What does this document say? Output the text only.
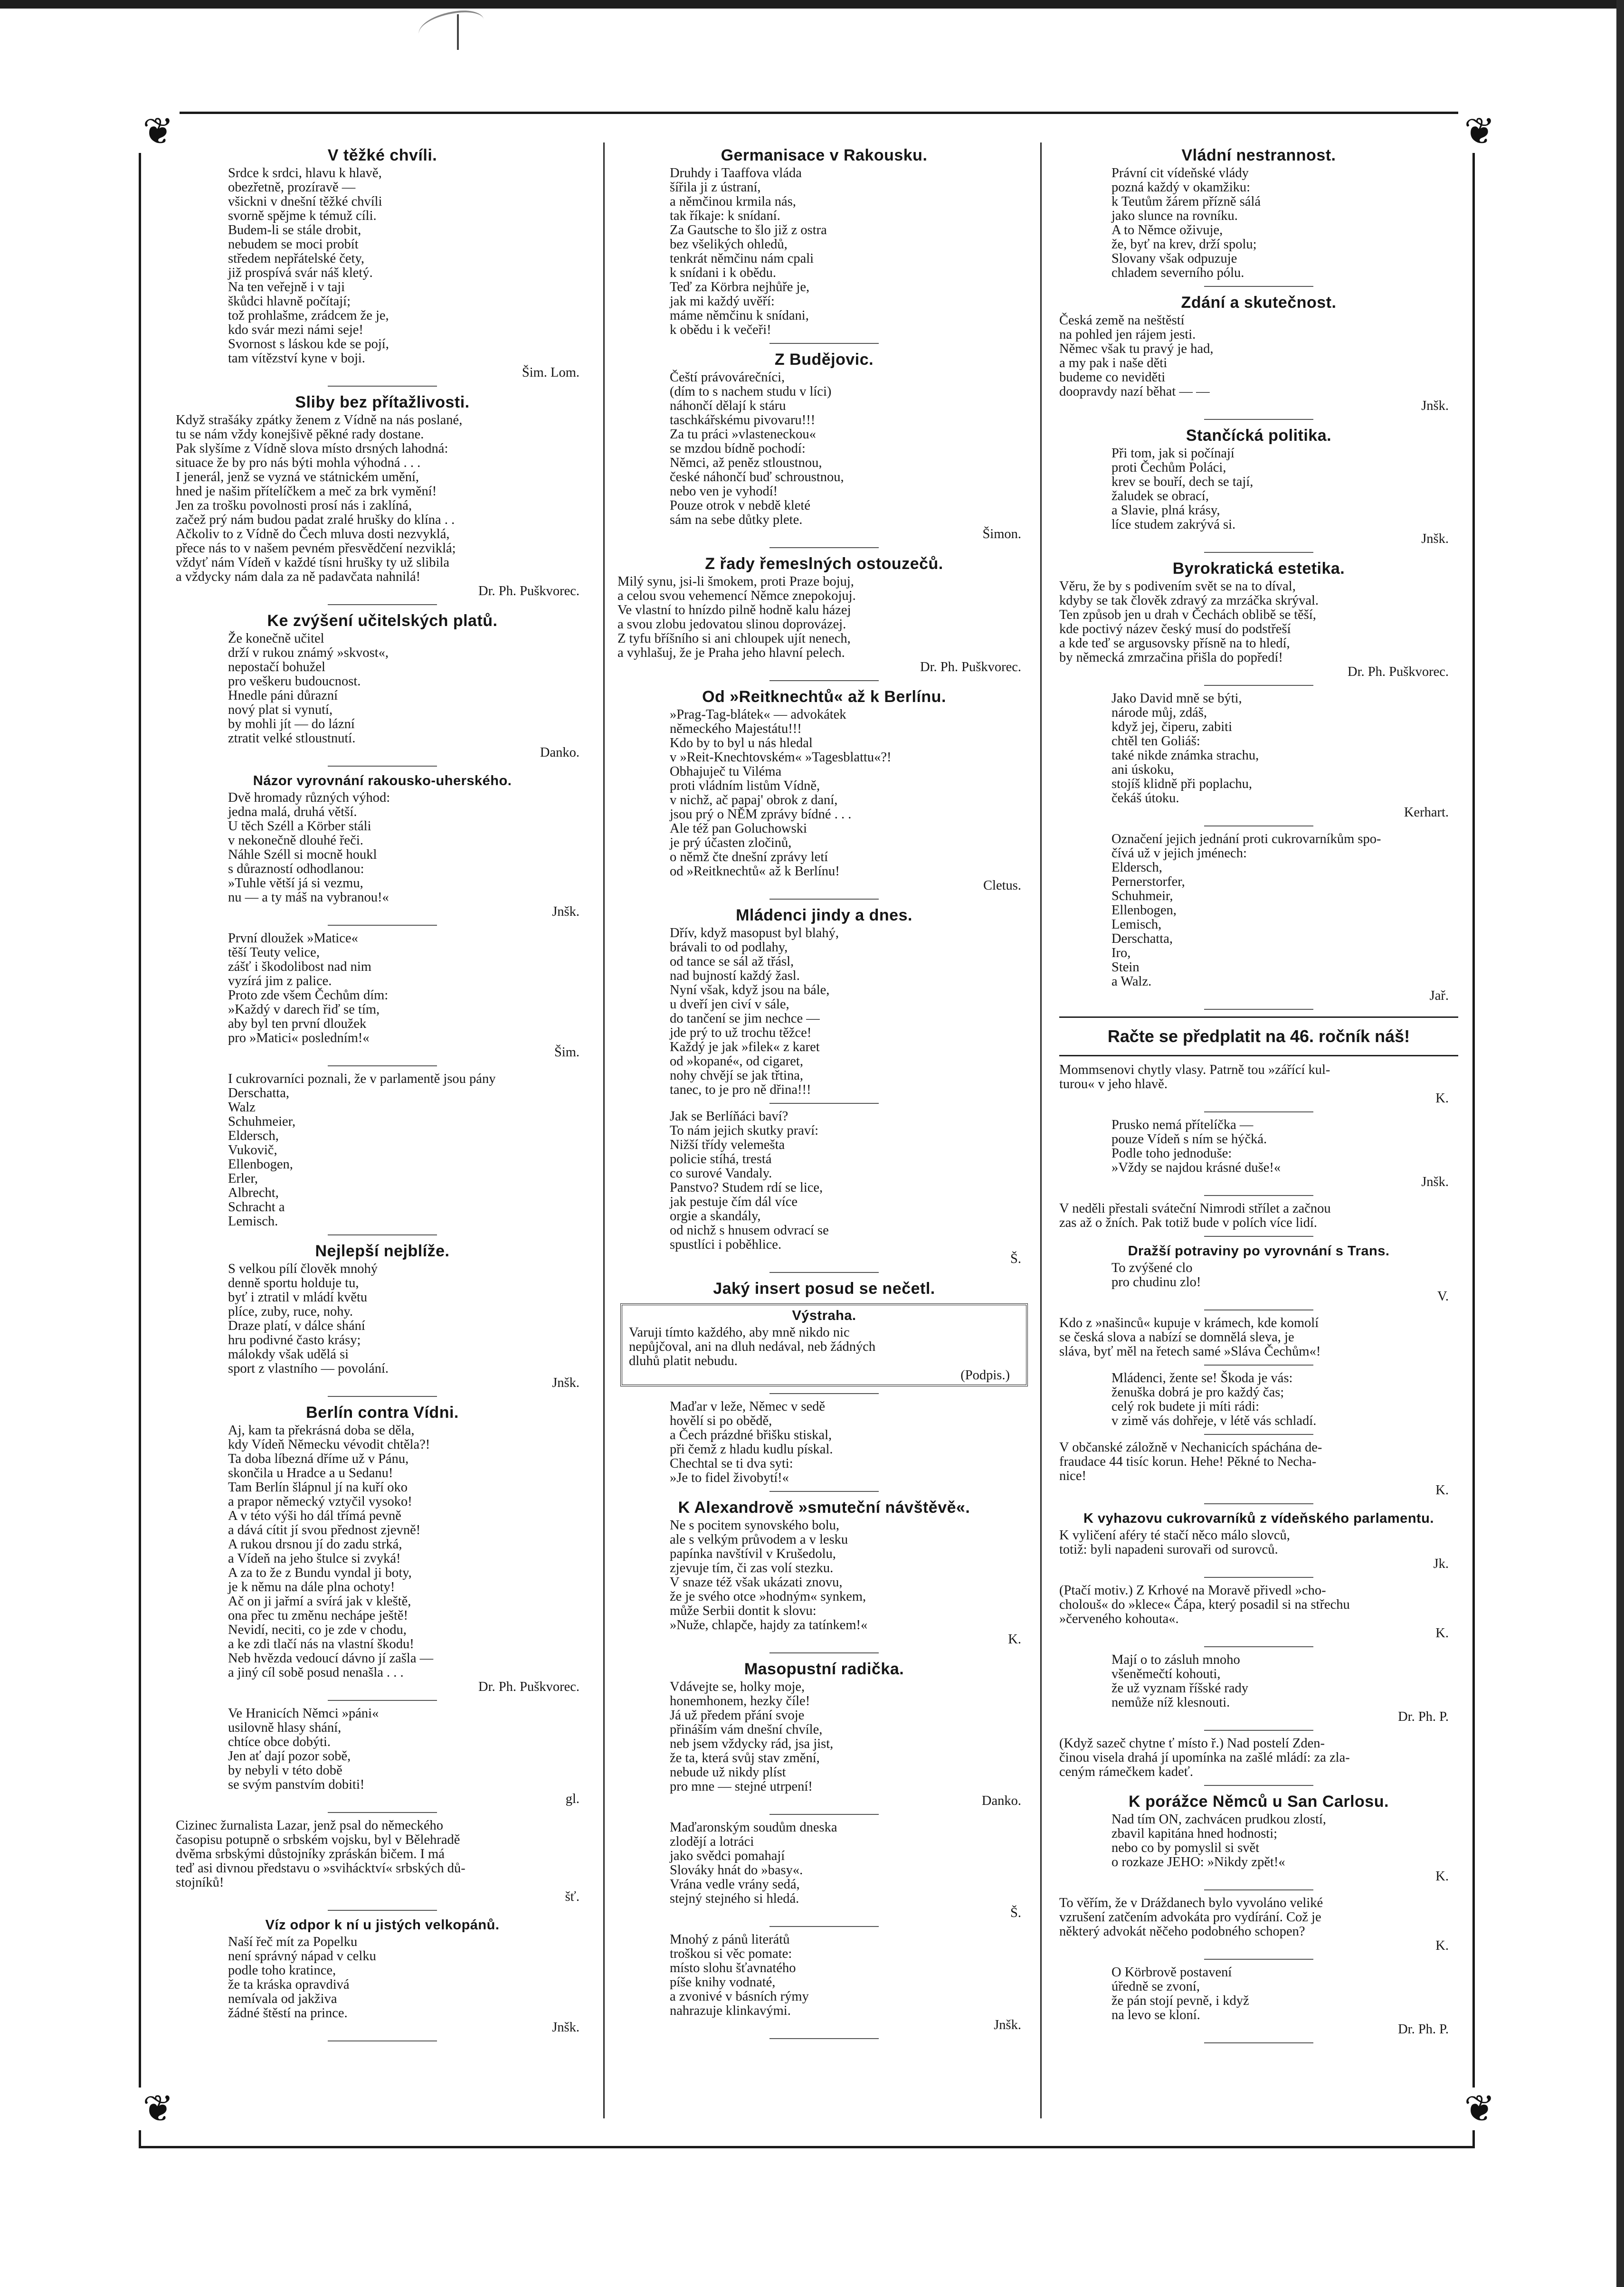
❦	❦
❦	❦
V těžké chvíli.
Srdce k srdci, hlavu k hlavě,
obezřetně, prozíravě —
všickni v dnešní těžké chvíli
svorně spějme k témuž cíli.
Budem-li se stále drobit,
nebudem se moci probít
středem nepřátelské čety,
již prospívá svár náš kletý.
Na ten veřejně i v taji
škůdci hlavně počítají;
tož prohlašme, zrádcem že je,
kdo svár mezi námi seje!
Svornost s láskou kde se pojí,
tam vítězství kyne v boji.
Šim. Lom.
Sliby bez přítažlivosti.
Když strašáky zpátky ženem z Vídně na nás poslané,
tu se nám vždy konejšivě pěkné rady dostane.
Pak slyšíme z Vídně slova místo drsných lahodná:
situace že by pro nás býti mohla výhodná . . .
I jenerál, jenž se vyzná ve státnickém umění,
hned je našim přítelíčkem a meč za brk vymění!
Jen za trošku povolnosti prosí nás i zaklíná,
začež prý nám budou padat zralé hrušky do klína . .
Ačkoliv to z Vídně do Čech mluva dosti nezvyklá,
přece nás to v našem pevném přesvědčení nezviklá;
vždyť nám Vídeň v každé tísni hrušky ty už slibila
a vždycky nám dala za ně padavčata nahnilá!
Dr. Ph. Puškvorec.
Ke zvýšení učitelských platů.
Že konečně učitel
drží v rukou známý »skvost«,
nepostačí bohužel
pro veškeru budoucnost.
Hnedle páni důrazní
nový plat si vynutí,
by mohli jít — do lázní
ztratit velké stloustnutí.
Danko.
Názor vyrovnání rakousko-uherského.
Dvě hromady různých výhod:
jedna malá, druhá větší.
U těch Széll a Körber stáli
v nekonečně dlouhé řeči.
Náhle Széll si mocně houkl
s důrazností odhodlanou:
»Tuhle větší já si vezmu,
nu — a ty máš na vybranou!«
Jnšk.
První dloužek »Matice«
těší Teuty velice,
zášť i škodolibost nad nim
vyzírá jim z palice.
Proto zde všem Čechům dím:
»Každý v darech řiď se tím,
aby byl ten první dloužek
pro »Matici« posledním!«
Šim.
I cukrovarníci poznali, že v parlamentě jsou pány
Derschatta,
Walz
Schuhmeier,
Eldersch,
Vukovič,
Ellenbogen,
Erler,
Albrecht,
Schracht a
Lemisch.
Nejlepší nejblíže.
S velkou pílí člověk mnohý
denně sportu holduje tu,
byť i ztratil v mládí květu
plíce, zuby, ruce, nohy.
Draze platí, v dálce shání
hru podivné často krásy;
málokdy však udělá si
sport z vlastního — povolání.
Jnšk.
Berlín contra Vídni.
Aj, kam ta překrásná doba se děla,
kdy Vídeň Německu vévodit chtěla?!
Ta doba líbezná dříme už v Pánu,
skončila u Hradce a u Sedanu!
Tam Berlín šlápnul jí na kuří oko
a prapor německý vztyčil vysoko!
A v této výši ho dál třímá pevně
a dává cítit jí svou přednost zjevně!
A rukou drsnou jí do zadu strká,
a Vídeň na jeho štulce si zvyká!
A za to že z Bundu vyndal ji boty,
je k němu na dále plna ochoty!
Ač on ji jařmí a svírá jak v kleště,
ona přec tu změnu nechápe ještě!
Nevidí, neciti, co je zde v chodu,
a ke zdi tlačí nás na vlastní škodu!
Neb hvězda vedoucí dávno jí zašla —
a jiný cíl sobě posud nenašla . . .
Dr. Ph. Puškvorec.
Ve Hranicích Němci »páni«
usilovně hlasy shání,
chtíce obce dobýti.
Jen ať dají pozor sobě,
by nebyli v této době
se svým panstvím dobiti!
gl.
Cizinec žurnalista Lazar, jenž psal do německého
časopisu potupně o srbském vojsku, byl v Bělehradě
dvěma srbskými důstojníky zpráskán bičem. I má
teď asi divnou představu o »svihácktví« srbských dů-
stojníků!
šť.
Víz odpor k ní u jistých velkopánů.
Naší řeč mít za Popelku
není správný nápad v celku
podle toho kratince,
že ta kráska opravdivá
nemívala od jakživa
žádné štěstí na prince.
Jnšk.
Germanisace v Rakousku.
Druhdy i Taaffova vláda
šířila ji z ústraní,
a němčinou krmila nás,
tak říkaje: k snídaní.
Za Gautsche to šlo již z ostra
bez všelikých ohledů,
tenkrát němčinu nám cpali
k snídani i k obědu.
Teď za Körbra nejhůře je,
jak mi každý uvěří:
máme němčinu k snídani,
k obědu i k večeři!
Z Budějovic.
Čeští právovárečníci,
(dím to s nachem studu v líci)
náhončí dělají k stáru
taschkářskému pivovaru!!!
Za tu práci »vlasteneckou«
se mzdou bídně pochodí:
Němci, až peněz stloustnou,
české náhončí buď schroustnou,
nebo ven je vyhodí!
Pouze otrok v nebdě kleté
sám na sebe důtky plete.
Šimon.
Z řady řemeslných ostouzečů.
Milý synu, jsi-li šmokem, proti Praze bojuj,
a celou svou vehemencí Němce znepokojuj.
Ve vlastní to hnízdo pilně hodně kalu házej
a svou zlobu jedovatou slinou doprovázej.
Z tyfu bříšního si ani chloupek ujít nenech,
a vyhlašuj, že je Praha jeho hlavní pelech.
Dr. Ph. Puškvorec.
Od »Reitknechtů« až k Berlínu.
»Prag-Tag-blátek« — advokátek
německého Majestátu!!!
Kdo by to byl u nás hledal
v »Reit-Knechtovském« »Tagesblattu«?!
Obhajuječ tu Viléma
proti vládním listům Vídně,
v nichž, ač papaj' obrok z daní,
jsou prý o NĚM zprávy bídné . . .
Ale též pan Goluchowski
je prý účasten zločinů,
o němž čte dnešní zprávy letí
od »Reitknechtů« až k Berlínu!
Cletus.
Mládenci jindy a dnes.
Dřív, když masopust byl blahý,
brávali to od podlahy,
od tance se sál až třásl,
nad bujností každý žasl.
Nyní však, když jsou na bále,
u dveří jen civí v sále,
do tančení se jim nechce —
jde prý to už trochu těžce!
Každý je jak »filek« z karet
od »kopané«, od cigaret,
nohy chvějí se jak třtina,
tanec, to je pro ně dřina!!!
Jak se Berlíňáci baví?
To nám jejich skutky praví:
Nižší třídy velemešta
policie stíhá, trestá
co surové Vandaly.
Panstvo? Studem rdí se lice,
jak pestuje čím dál více
orgie a skandály,
od nichž s hnusem odvrací se
spustlíci i poběhlice.
Š.
Jaký insert posud se nečetl.
Výstraha.
Varuji tímto každého, aby mně nikdo nic
nepůjčoval, ani na dluh nedával, neb žádných
dluhů platit nebudu.
(Podpis.)
Maďar v leže, Němec v sedě
hovělí si po obědě,
a Čech prázdné břišku stiskal,
při čemž z hladu kudlu pískal.
Chechtal se ti dva syti:
»Je to fidel živobytí!«
K Alexandrově »smuteční návštěvě«.
Ne s pocitem synovského bolu,
ale s velkým průvodem a v lesku
papínka navštívil v Krušedolu,
zjevuje tím, či zas volí stezku.
V snaze též však ukázati znovu,
že je svého otce »hodným« synkem,
může Serbii dontit k slovu:
»Nuže, chlapče, hajdy za tatínkem!«
K.
Masopustní radička.
Vdávejte se, holky moje,
honemhonem, hezky číle!
Já už předem přání svoje
přináším vám dnešní chvíle,
neb jsem vždycky rád, jsa jist,
že ta, která svůj stav změní,
nebude už nikdy plíst
pro mne — stejné utrpení!
Danko.
Maďaronským soudům dneska
zlodějí a lotráci
jako svědci pomahají
Slováky hnát do »basy«.
Vrána vedle vrány sedá,
stejný stejného si hledá.
Š.
Mnohý z pánů literátů
troškou si věc pomate:
místo slohu šťavnatého
píše knihy vodnaté,
a zvonivé v básních rýmy
nahrazuje klinkavými.
Jnšk.
Vládní nestrannost.
Právní cit vídeňské vlády
pozná každý v okamžiku:
k Teutům žárem přízně sálá
jako slunce na rovníku.
A to Němce oživuje,
že, byť na krev, drží spolu;
Slovany však odpuzuje
chladem severního pólu.
Zdání a skutečnost.
Česká země na neštěstí
na pohled jen rájem jesti.
Němec však tu pravý je had,
a my pak i naše děti
budeme co neviděti
doopravdy nazí běhat — —
Jnšk.
Stančícká politika.
Při tom, jak si počínají
proti Čechům Poláci,
krev se bouří, dech se tají,
žaludek se obrací,
a Slavie, plná krásy,
líce studem zakrývá si.
Jnšk.
Byrokratická estetika.
Věru, že by s podivením svět se na to díval,
kdyby se tak člověk zdravý za mrzáčka skrýval.
Ten způsob jen u drah v Čechách oblibě se těší,
kde poctivý název český musí do podstřeší
a kde teď se argusovsky přísně na to hledí,
by německá zmrzačina přišla do popředí!
Dr. Ph. Puškvorec.
Jako David mně se býti,
národe můj, zdáš,
když jej, čiperu, zabiti
chtěl ten Goliáš:
také nikde známka strachu,
ani úskoku,
stojíš klidně při poplachu,
čekáš útoku.
Kerhart.
Označení jejich jednání proti cukrovarníkům spo-
čívá už v jejich jménech:
Eldersch,
Pernerstorfer,
Schuhmeir,
Ellenbogen,
Lemisch,
Derschatta,
Iro,
Stein
a Walz.
Jař.
Račte se předplatit na 46. ročník náš!
Mommsenovi chytly vlasy. Patrně tou »zářící kul-
turou« v jeho hlavě.
K.
Prusko nemá přítelíčka —
pouze Vídeň s ním se hýčká.
Podle toho jednoduše:
»Vždy se najdou krásné duše!«
Jnšk.
V neděli přestali sváteční Nimrodi střílet a začnou
zas až o žních. Pak totiž bude v polích více lidí.
Dražší potraviny po vyrovnání s Trans.
To zvýšené clo
pro chudinu zlo!
V.
Kdo z »našinců« kupuje v krámech, kde komolí
se česká slova a nabízí se domnělá sleva, je
sláva, byť měl na řetech samé »Sláva Čechům«!
Mládenci, žente se! Škoda je vás:
ženuška dobrá je pro každý čas;
celý rok budete ji míti rádi:
v zimě vás dohřeje, v létě vás schladí.
V občanské záložně v Nechanicích spáchána de-
fraudace 44 tisíc korun. Hehe! Pěkné to Necha-
nice!
K.
K vyhazovu cukrovarníků z vídeňského parlamentu.
K vyličení aféry té stačí něco málo slovců,
totiž: byli napadeni surovaři od surovců.
Jk.
(Ptačí motiv.) Z Krhové na Moravě přivedl »cho-
cholouš« do »klece« Čápa, který posadil si na střechu
»červeného kohouta«.
K.
Mají o to zásluh mnoho
všeněmečtí kohouti,
že už vyznam říšské rady
nemůže níž klesnouti.
Dr. Ph. P.
(Když sazeč chytne ť místo ř.) Nad postelí Zden-
činou visela drahá jí upomínka na zašlé mládí: za zla-
ceným rámečkem kadeť.
K porážce Němců u San Carlosu.
Nad tím ON, zachvácen prudkou zlostí,
zbavil kapitána hned hodnosti;
nebo co by pomyslil si svět
o rozkaze JEHO: »Nikdy zpět!«
K.
To věřím, že v Dráždanech bylo vyvoláno veliké
vzrušení zatčením advokáta pro vydírání. Což je
některý advokát něčeho podobného schopen?
K.
O Körbrově postavení
úředně se zvoní,
že pán stojí pevně, i když
na levo se kloní.
Dr. Ph. P.
